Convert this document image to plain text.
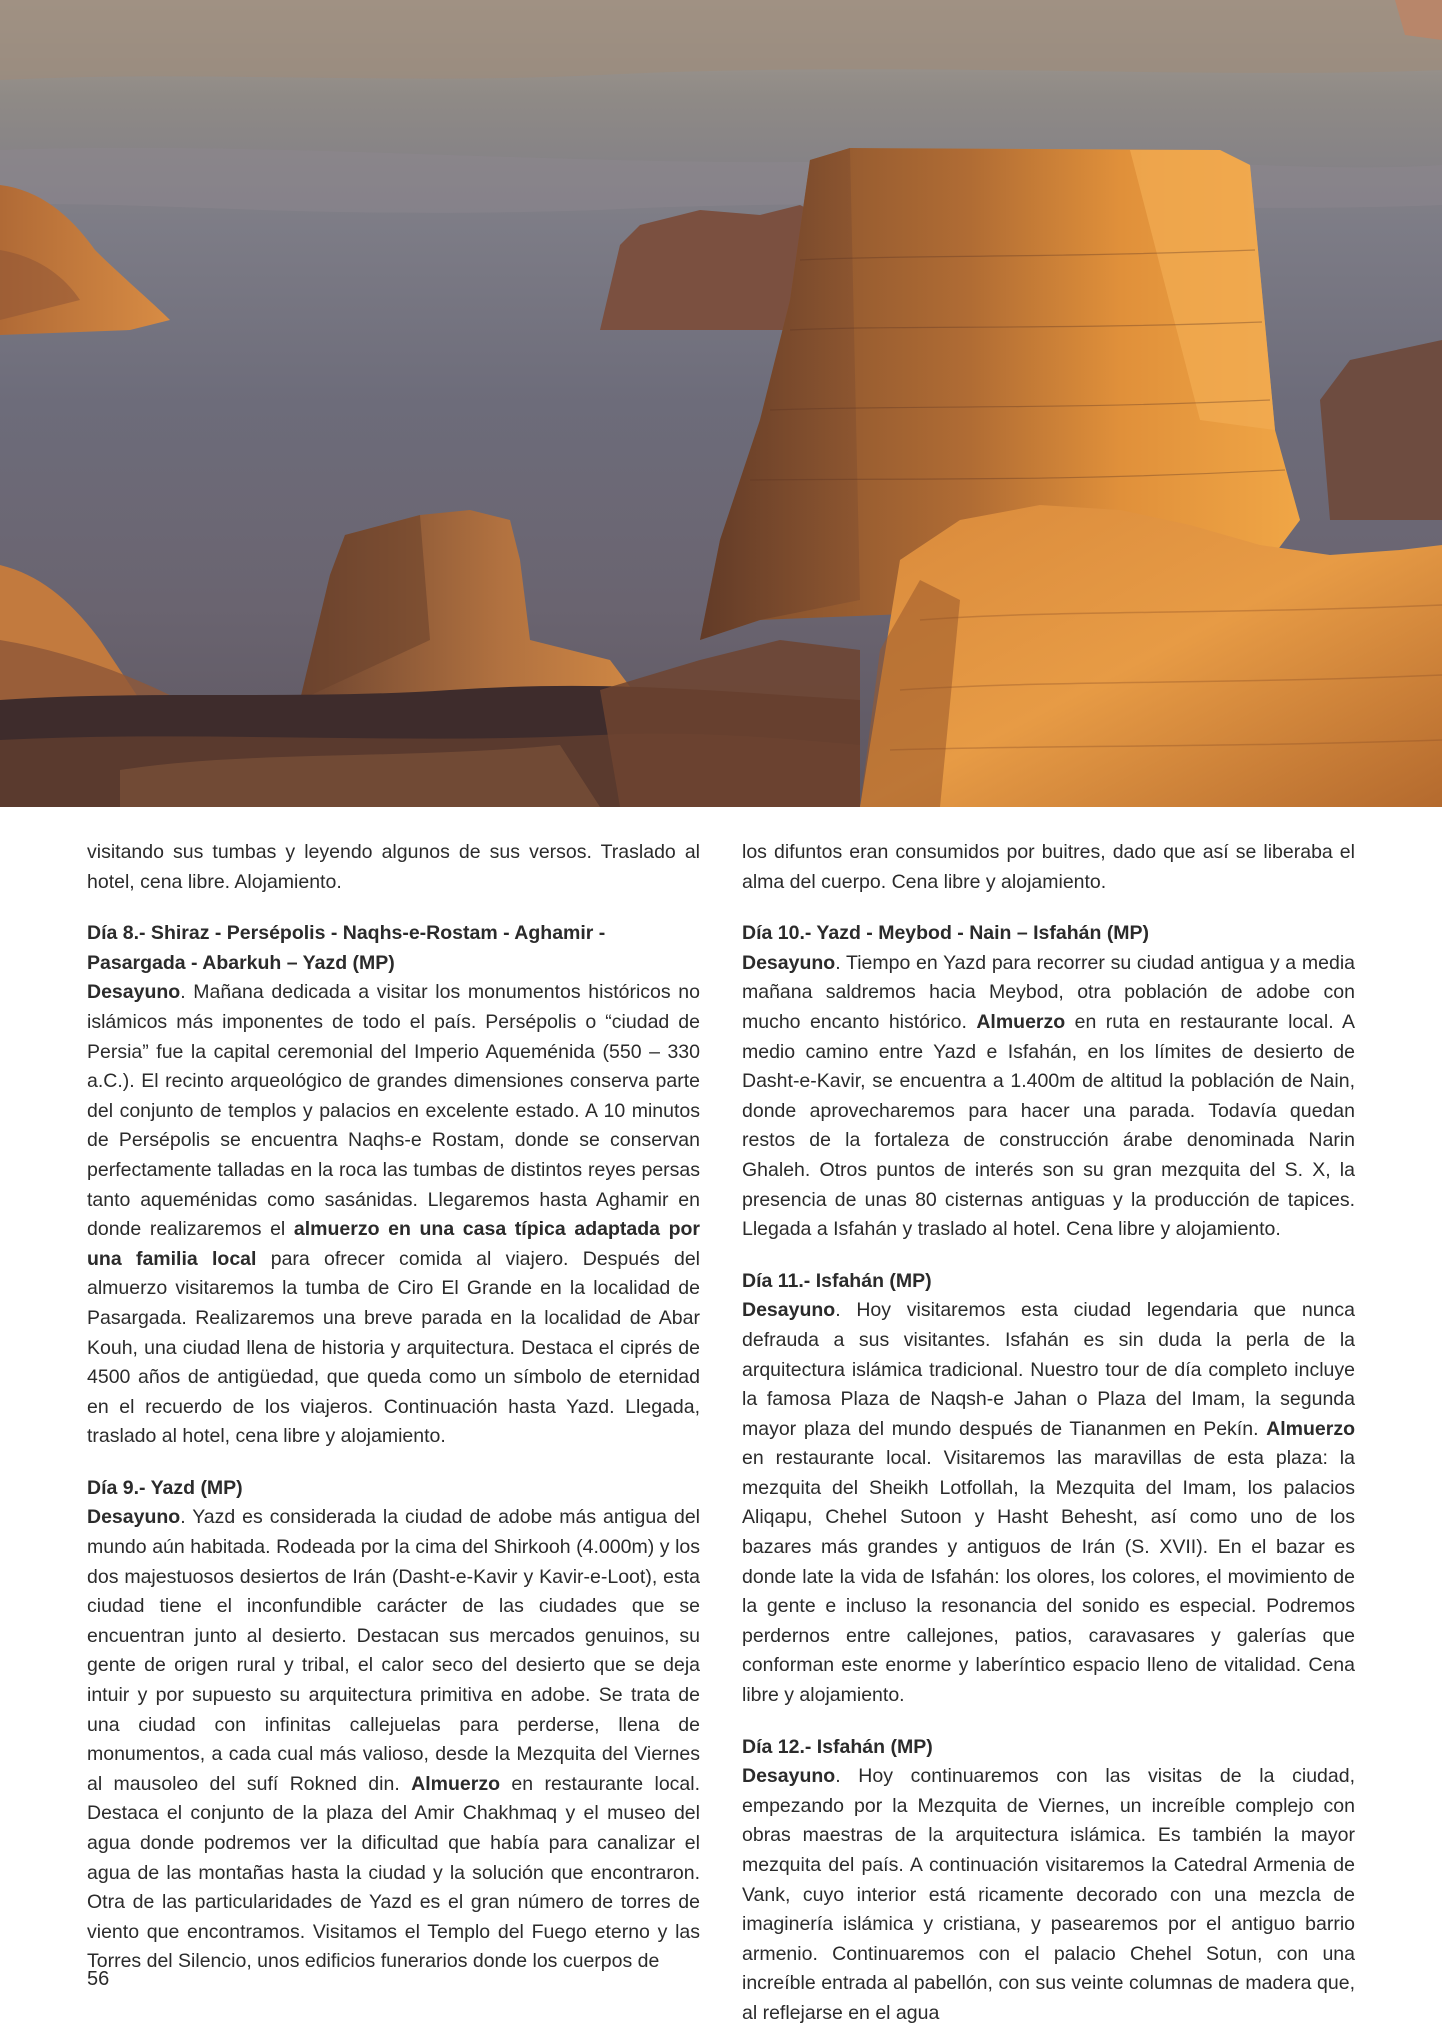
visitando sus tumbas y leyendo algunos de sus versos. Traslado al hotel, cena libre. Alojamiento.

Día 8.- Shiraz - Persépolis - Naqhs-e-Rostam - Aghamir - Pasargada - Abarkuh – Yazd (MP)

Desayuno. Mañana dedicada a visitar los monumentos históricos no islámicos más imponentes de todo el país. Persépolis o “ciudad de Persia” fue la capital ceremonial del Imperio Aqueménida (550 – 330 a.C.). El recinto arqueológico de grandes dimensiones conserva parte del conjunto de templos y palacios en excelente estado. A 10 minutos de Persépolis se encuentra Naqhs-e Rostam, donde se conservan perfectamente talladas en la roca las tumbas de distintos reyes persas tanto aqueménidas como sasánidas. Llegaremos hasta Aghamir en donde realizaremos el almuerzo en una casa típica adaptada por una familia local para ofrecer comida al viajero. Después del almuerzo visitaremos la tumba de Ciro El Grande en la localidad de Pasargada. Realizaremos una breve parada en la localidad de Abar Kouh, una ciudad llena de historia y arquitectura. Destaca el ciprés de 4500 años de antigüedad, que queda como un símbolo de eternidad en el recuerdo de los viajeros. Continuación hasta Yazd. Llegada, traslado al hotel, cena libre y alojamiento.

Día 9.- Yazd (MP)

Desayuno. Yazd es considerada la ciudad de adobe más antigua del mundo aún habitada. Rodeada por la cima del Shirkooh (4.000m) y los dos majestuosos desiertos de Irán (Dasht-e-Kavir y Kavir-e-Loot), esta ciudad tiene el inconfundible carácter de las ciudades que se encuentran junto al desierto. Destacan sus mercados genuinos, su gente de origen rural y tribal, el calor seco del desierto que se deja intuir y por supuesto su arquitectura primitiva en adobe. Se trata de una ciudad con infinitas callejuelas para perderse, llena de monumentos, a cada cual más valioso, desde la Mezquita del Viernes al mausoleo del sufí Rokned din. Almuerzo en restaurante local. Destaca el conjunto de la plaza del Amir Chakhmaq y el museo del agua donde podremos ver la dificultad que había para canalizar el agua de las montañas hasta la ciudad y la solución que encontraron. Otra de las particularidades de Yazd es el gran número de torres de viento que encontramos. Visitamos el Templo del Fuego eterno y las Torres del Silencio, unos edificios funerarios donde los cuerpos de

los difuntos eran consumidos por buitres, dado que así se liberaba el alma del cuerpo. Cena libre y alojamiento.

Día 10.- Yazd - Meybod - Nain – Isfahán (MP)

Desayuno. Tiempo en Yazd para recorrer su ciudad antigua y a media mañana saldremos hacia Meybod, otra población de adobe con mucho encanto histórico. Almuerzo en ruta en restaurante local. A medio camino entre Yazd e Isfahán, en los límites de desierto de Dasht-e-Kavir, se encuentra a 1.400m de altitud la población de Nain, donde aprovecharemos para hacer una parada. Todavía quedan restos de la fortaleza de construcción árabe denominada Narin Ghaleh. Otros puntos de interés son su gran mezquita del S. X, la presencia de unas 80 cisternas antiguas y la producción de tapices. Llegada a Isfahán y traslado al hotel. Cena libre y alojamiento.

Día 11.- Isfahán (MP)

Desayuno. Hoy visitaremos esta ciudad legendaria que nunca defrauda a sus visitantes. Isfahán es sin duda la perla de la arquitectura islámica tradicional. Nuestro tour de día completo incluye la famosa Plaza de Naqsh-e Jahan o Plaza del Imam, la segunda mayor plaza del mundo después de Tiananmen en Pekín. Almuerzo en restaurante local. Visitaremos las maravillas de esta plaza: la mezquita del Sheikh Lotfollah, la Mezquita del Imam, los palacios Aliqapu, Chehel Sutoon y Hasht Behesht, así como uno de los bazares más grandes y antiguos de Irán (S. XVII). En el bazar es donde late la vida de Isfahán: los olores, los colores, el movimiento de la gente e incluso la resonancia del sonido es especial. Podremos perdernos entre callejones, patios, caravasares y galerías que conforman este enorme y laberíntico espacio lleno de vitalidad. Cena libre y alojamiento.

Día 12.- Isfahán (MP)

Desayuno. Hoy continuaremos con las visitas de la ciudad, empezando por la Mezquita de Viernes, un increíble complejo con obras maestras de la arquitectura islámica. Es también la mayor mezquita del país. A continuación visitaremos la Catedral Armenia de Vank, cuyo interior está ricamente decorado con una mezcla de imaginería islámica y cristiana, y pasearemos por el antiguo barrio armenio. Continuaremos con el palacio Chehel Sotun, con una increíble entrada al pabellón, con sus veinte columnas de madera que, al reflejarse en el agua

56
